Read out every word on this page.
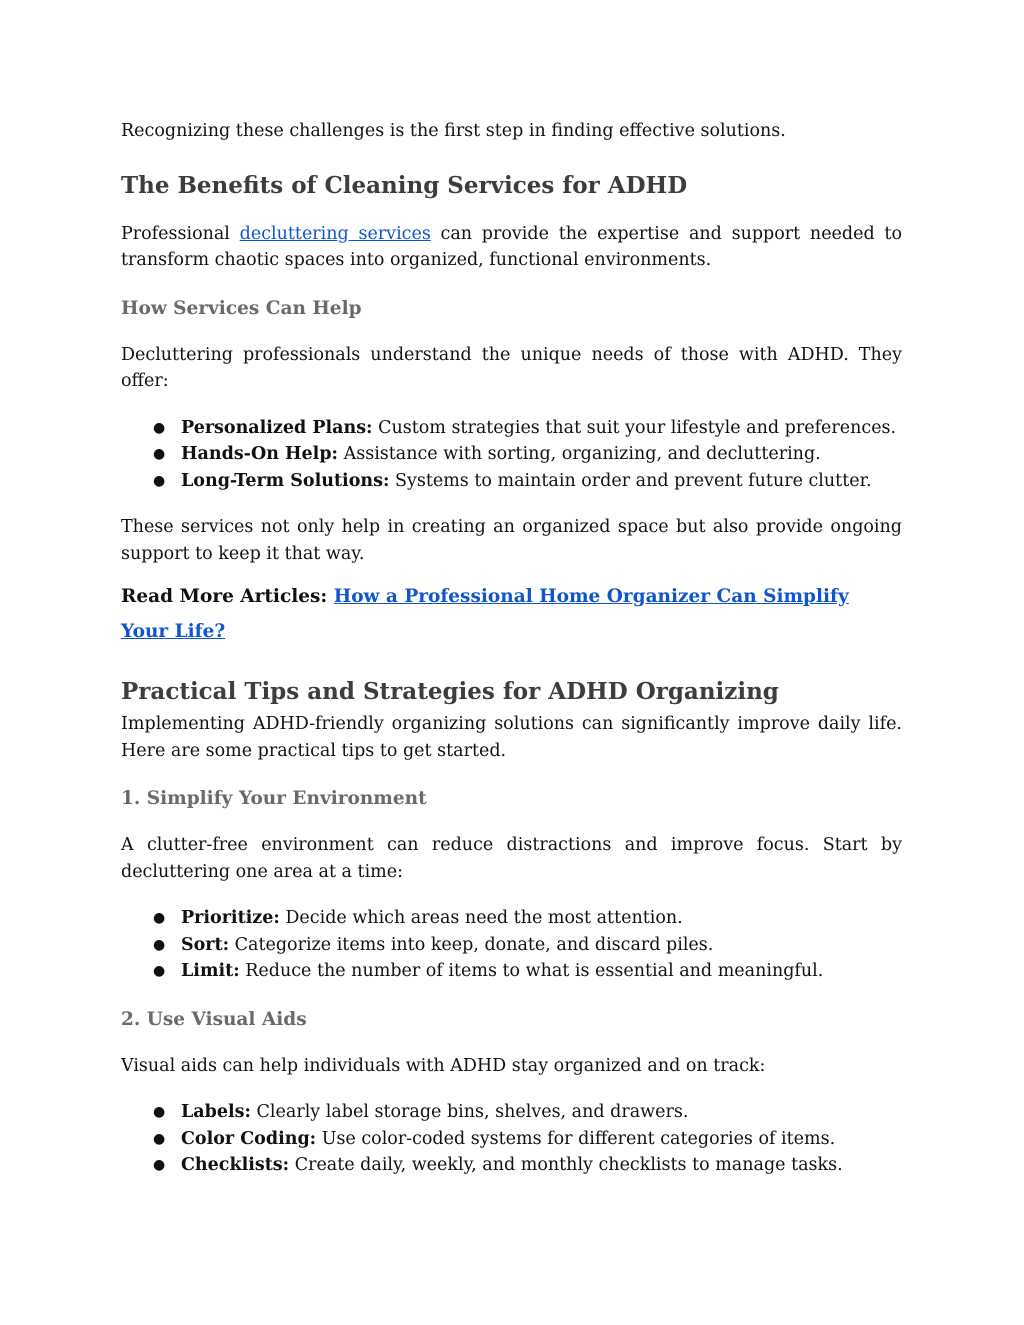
Recognizing these challenges is the first step in finding effective solutions.

The Benefits of Cleaning Services for ADHD

Professional decluttering services can provide the expertise and support needed to transform chaotic spaces into organized, functional environments.

How Services Can Help

Decluttering professionals understand the unique needs of those with ADHD. They offer:

● Personalized Plans: Custom strategies that suit your lifestyle and preferences.
● Hands-On Help: Assistance with sorting, organizing, and decluttering.
● Long-Term Solutions: Systems to maintain order and prevent future clutter.

These services not only help in creating an organized space but also provide ongoing support to keep it that way.

Read More Articles: How a Professional Home Organizer Can Simplify Your Life?

Practical Tips and Strategies for ADHD Organizing

Implementing ADHD-friendly organizing solutions can significantly improve daily life. Here are some practical tips to get started.

1. Simplify Your Environment

A clutter-free environment can reduce distractions and improve focus. Start by decluttering one area at a time:

● Prioritize: Decide which areas need the most attention.
● Sort: Categorize items into keep, donate, and discard piles.
● Limit: Reduce the number of items to what is essential and meaningful.
2. Use Visual Aids

Visual aids can help individuals with ADHD stay organized and on track:

● Labels: Clearly label storage bins, shelves, and drawers.
● Color Coding: Use color-coded systems for different categories of items.
● Checklists: Create daily, weekly, and monthly checklists to manage tasks.
